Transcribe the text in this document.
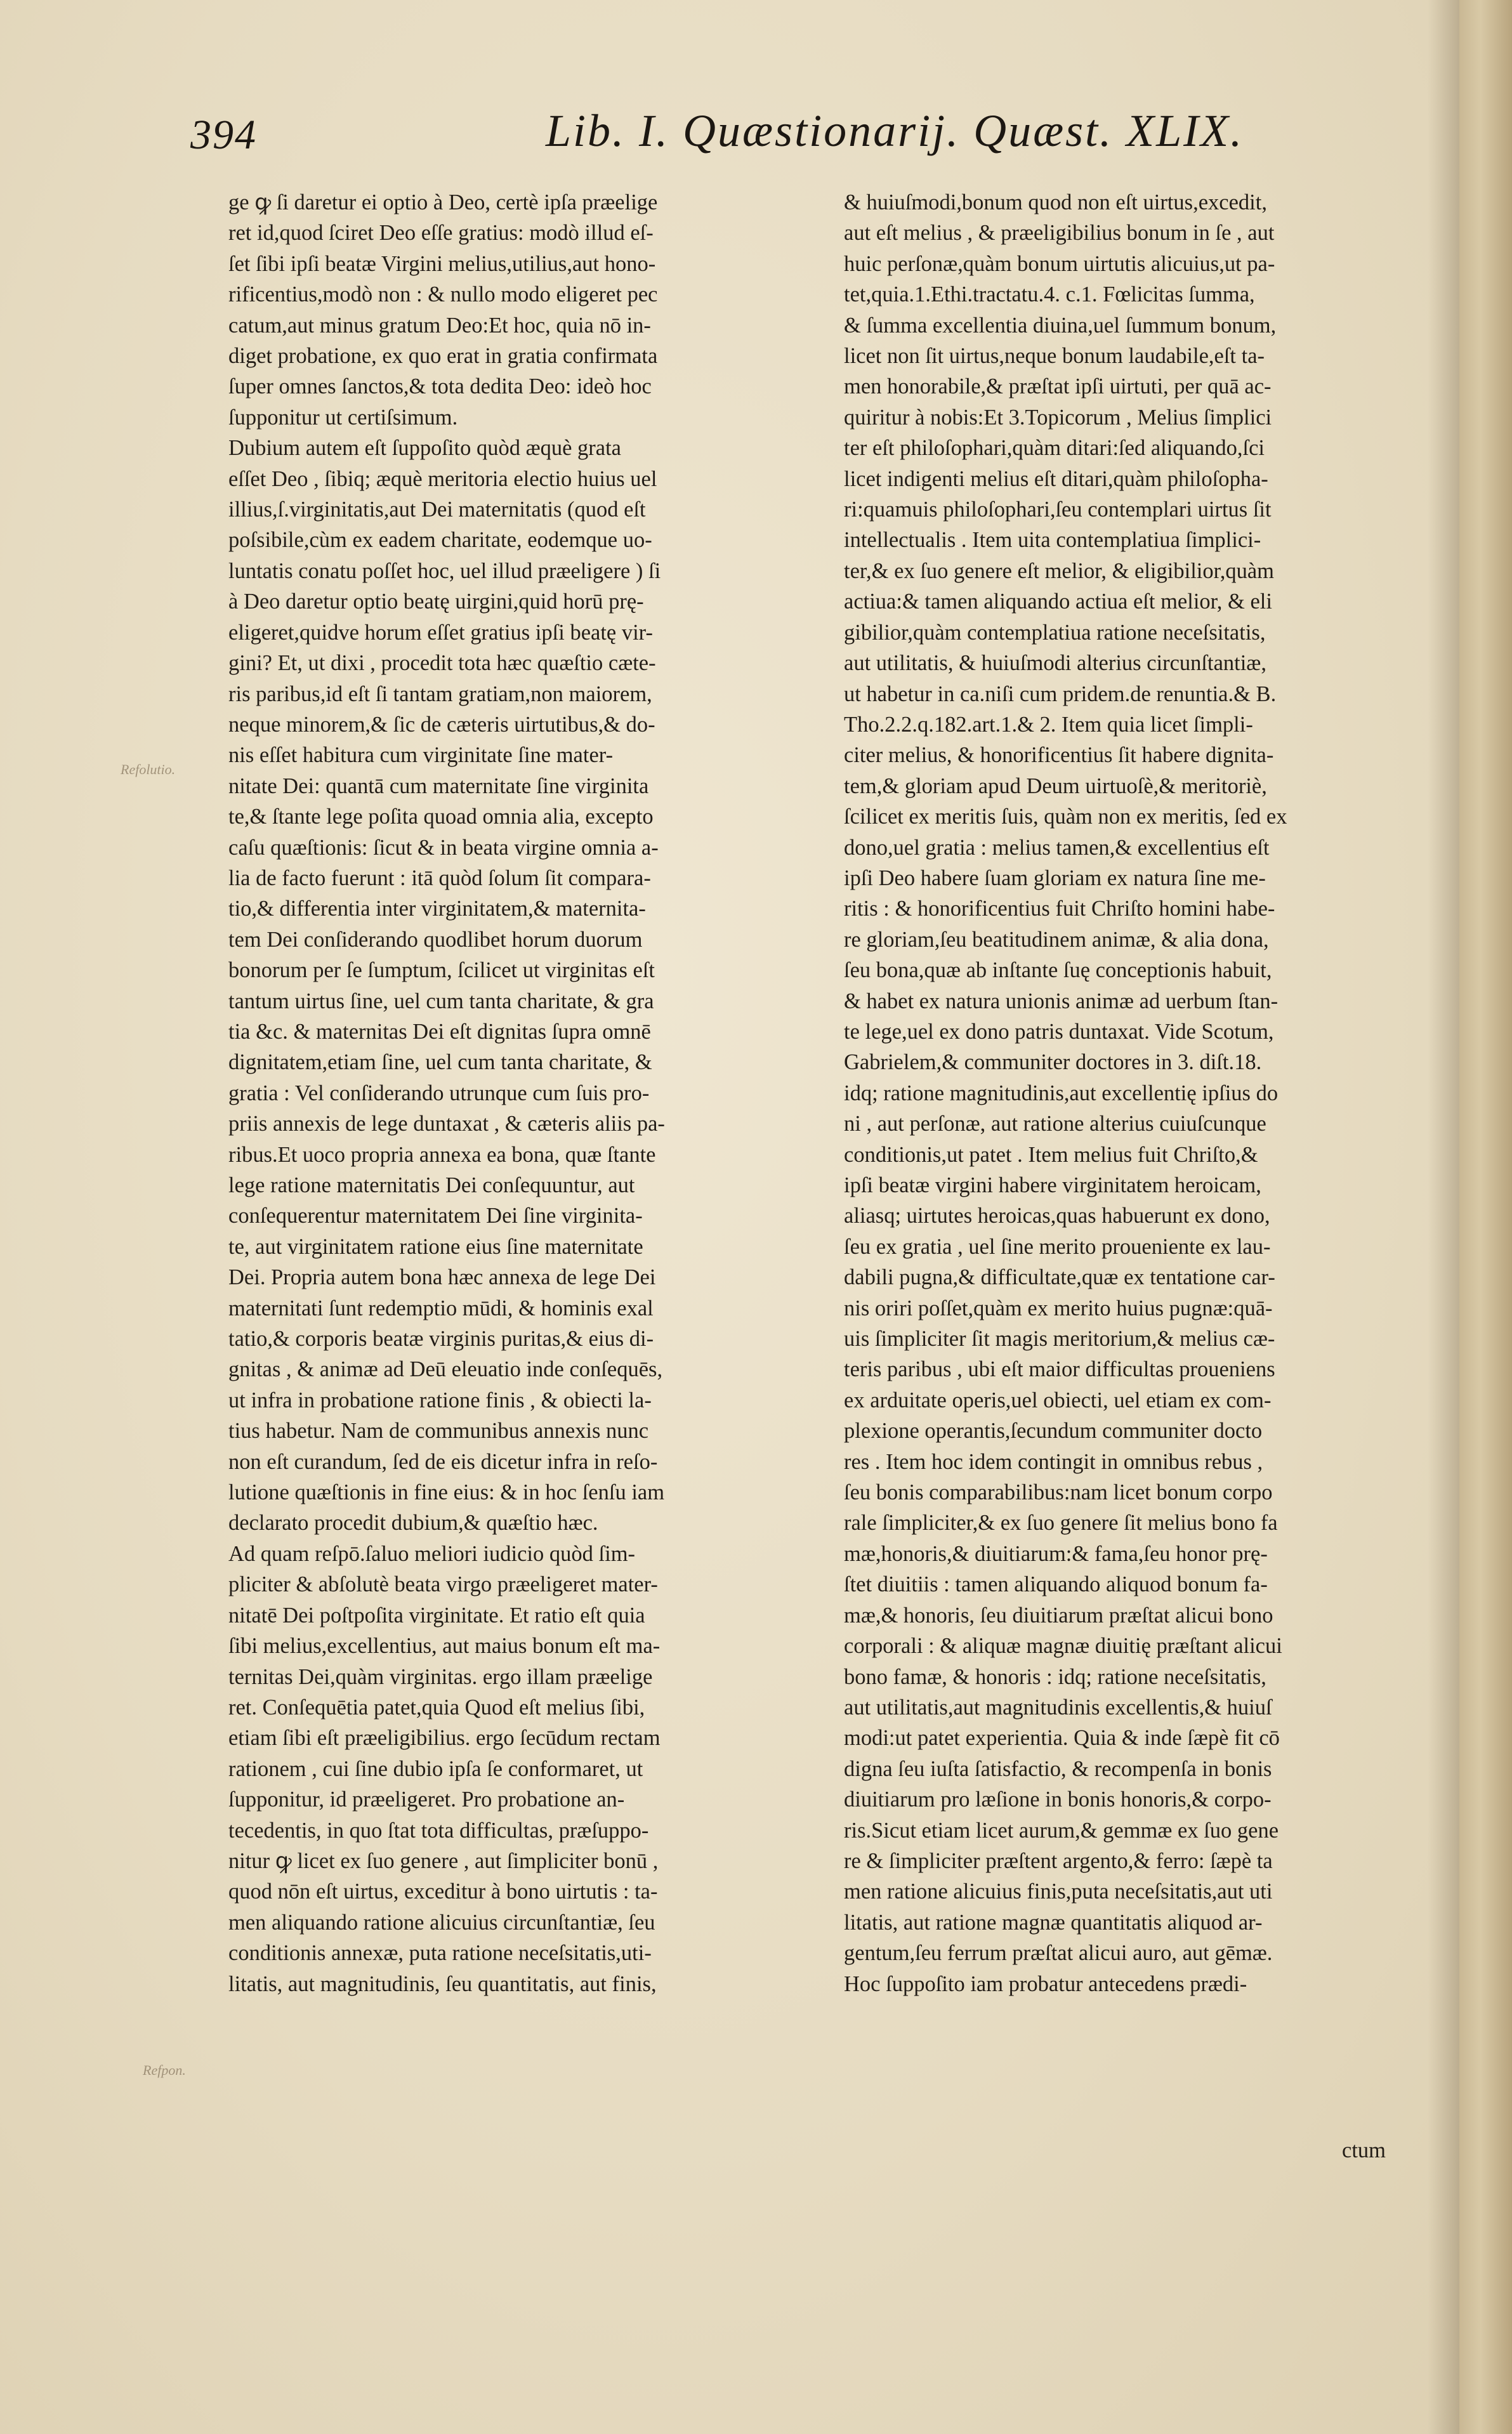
394	Lib. I. Quæstionarij. Quæst. XLIX.
Refolutio.
Refpon.
ge ꝙ ſi daretur ei optio à Deo, certè ipſa præelige
ret id,quod ſciret Deo eſſe gratius: modò illud eſ-
ſet ſibi ipſi beatæ Virgini melius,utilius,aut hono-
rificentius,modò non : & nullo modo eligeret pec
catum,aut minus gratum Deo:Et hoc, quia nō in-
diget probatione, ex quo erat in gratia confirmata
ſuper omnes ſanctos,& tota dedita Deo: ideò hoc
ſupponitur ut certiſsimum.
Dubium autem eſt ſuppoſito quòd æquè grata
eſſet Deo , ſibiq; æquè meritoria electio huius uel
illius,ſ.virginitatis,aut Dei maternitatis (quod eſt
poſsibile,cùm ex eadem charitate, eodemque uo-
luntatis conatu poſſet hoc, uel illud præeligere ) ſi
à Deo daretur optio beatę uirgini,quid horū prę-
eligeret,quidve horum eſſet gratius ipſi beatę vir-
gini? Et, ut dixi , procedit tota hæc quæſtio cæte-
ris paribus,id eſt ſi tantam gratiam,non maiorem,
neque minorem,& ſic de cæteris uirtutibus,& do-
nis eſſet habitura cum virginitate ſine mater-
nitate Dei: quantā cum maternitate ſine virginita
te,& ſtante lege poſita quoad omnia alia, excepto
caſu quæſtionis: ſicut & in beata virgine omnia a-
lia de facto fuerunt : itā quòd ſolum ſit compara-
tio,& differentia inter virginitatem,& maternita-
tem Dei conſiderando quodlibet horum duorum
bonorum per ſe ſumptum, ſcilicet ut virginitas eſt
tantum uirtus ſine, uel cum tanta charitate, & gra
tia &c. & maternitas Dei eſt dignitas ſupra omnē
dignitatem,etiam ſine, uel cum tanta charitate, &
gratia : Vel conſiderando utrunque cum ſuis pro-
priis annexis de lege duntaxat , & cæteris aliis pa-
ribus.Et uoco propria annexa ea bona, quæ ſtante
lege ratione maternitatis Dei conſequuntur, aut
conſequerentur maternitatem Dei ſine virginita-
te, aut virginitatem ratione eius ſine maternitate
Dei. Propria autem bona hæc annexa de lege Dei
maternitati ſunt redemptio mūdi, & hominis exal
tatio,& corporis beatæ virginis puritas,& eius di-
gnitas , & animæ ad Deū eleuatio inde conſequēs,
ut infra in probatione ratione finis , & obiecti la-
tius habetur. Nam de communibus annexis nunc
non eſt curandum, ſed de eis dicetur infra in reſo-
lutione quæſtionis in fine eius: & in hoc ſenſu iam
declarato procedit dubium,& quæſtio hæc.
Ad quam reſpō.ſaluo meliori iudicio quòd ſim-
pliciter & abſolutè beata virgo præeligeret mater-
nitatē Dei poſtpoſita virginitate. Et ratio eſt quia
ſibi melius,excellentius, aut maius bonum eſt ma-
ternitas Dei,quàm virginitas. ergo illam præelige
ret. Conſequētia patet,quia Quod eſt melius ſibi,
etiam ſibi eſt præeligibilius. ergo ſecūdum rectam
rationem , cui ſine dubio ipſa ſe conformaret, ut
ſupponitur, id præeligeret. Pro probatione an-
tecedentis, in quo ſtat tota difficultas, præſuppo-
nitur ꝙ licet ex ſuo genere , aut ſimpliciter bonū ,
quod nōn eſt uirtus, exceditur à bono uirtutis : ta-
men aliquando ratione alicuius circunſtantiæ, ſeu
conditionis annexæ, puta ratione neceſsitatis,uti-
litatis, aut magnitudinis, ſeu quantitatis, aut finis,
& huiuſmodi,bonum quod non eſt uirtus,excedit,
aut eſt melius , & præeligibilius bonum in ſe , aut
huic perſonæ,quàm bonum uirtutis alicuius,ut pa-
tet,quia.1.Ethi.tractatu.4. c.1. Fœlicitas ſumma,
& ſumma excellentia diuina,uel ſummum bonum,
licet non ſit uirtus,neque bonum laudabile,eſt ta-
men honorabile,& præſtat ipſi uirtuti, per quā ac-
quiritur à nobis:Et 3.Topicorum , Melius ſimplici
ter eſt philoſophari,quàm ditari:ſed aliquando,ſci
licet indigenti melius eſt ditari,quàm philoſopha-
ri:quamuis philoſophari,ſeu contemplari uirtus ſit
intellectualis . Item uita contemplatiua ſimplici-
ter,& ex ſuo genere eſt melior, & eligibilior,quàm
actiua:& tamen aliquando actiua eſt melior, & eli
gibilior,quàm contemplatiua ratione neceſsitatis,
aut utilitatis, & huiuſmodi alterius circunſtantiæ,
ut habetur in ca.niſi cum pridem.de renuntia.& B.
Tho.2.2.q.182.art.1.& 2. Item quia licet ſimpli-
citer melius, & honorificentius ſit habere dignita-
tem,& gloriam apud Deum uirtuoſè,& meritoriè,
ſcilicet ex meritis ſuis, quàm non ex meritis, ſed ex
dono,uel gratia : melius tamen,& excellentius eſt
ipſi Deo habere ſuam gloriam ex natura ſine me-
ritis : & honorificentius fuit Chriſto homini habe-
re gloriam,ſeu beatitudinem animæ, & alia dona,
ſeu bona,quæ ab inſtante ſuę conceptionis habuit,
& habet ex natura unionis animæ ad uerbum ſtan-
te lege,uel ex dono patris duntaxat. Vide Scotum,
Gabrielem,& communiter doctores in 3. diſt.18.
idq; ratione magnitudinis,aut excellentię ipſius do
ni , aut perſonæ, aut ratione alterius cuiuſcunque
conditionis,ut patet . Item melius fuit Chriſto,&
ipſi beatæ virgini habere virginitatem heroicam,
aliasq; uirtutes heroicas,quas habuerunt ex dono,
ſeu ex gratia , uel ſine merito proueniente ex lau-
dabili pugna,& difficultate,quæ ex tentatione car-
nis oriri poſſet,quàm ex merito huius pugnæ:quā-
uis ſimpliciter ſit magis meritorium,& melius cæ-
teris paribus , ubi eſt maior difficultas proueniens
ex arduitate operis,uel obiecti, uel etiam ex com-
plexione operantis,ſecundum communiter docto
res . Item hoc idem contingit in omnibus rebus ,
ſeu bonis comparabilibus:nam licet bonum corpo
rale ſimpliciter,& ex ſuo genere ſit melius bono fa
mæ,honoris,& diuitiarum:& fama,ſeu honor prę-
ſtet diuitiis : tamen aliquando aliquod bonum fa-
mæ,& honoris, ſeu diuitiarum præſtat alicui bono
corporali : & aliquæ magnæ diuitię præſtant alicui
bono famæ, & honoris : idq; ratione neceſsitatis,
aut utilitatis,aut magnitudinis excellentis,& huiuſ
modi:ut patet experientia. Quia & inde ſæpè fit cō
digna ſeu iuſta ſatisfactio, & recompenſa in bonis
diuitiarum pro læſione in bonis honoris,& corpo-
ris.Sicut etiam licet aurum,& gemmæ ex ſuo gene
re & ſimpliciter præſtent argento,& ferro: ſæpè ta
men ratione alicuius finis,puta neceſsitatis,aut uti
litatis, aut ratione magnæ quantitatis aliquod ar-
gentum,ſeu ferrum præſtat alicui auro, aut gēmæ.
Hoc ſuppoſito iam probatur antecedens prædi-
ctum
